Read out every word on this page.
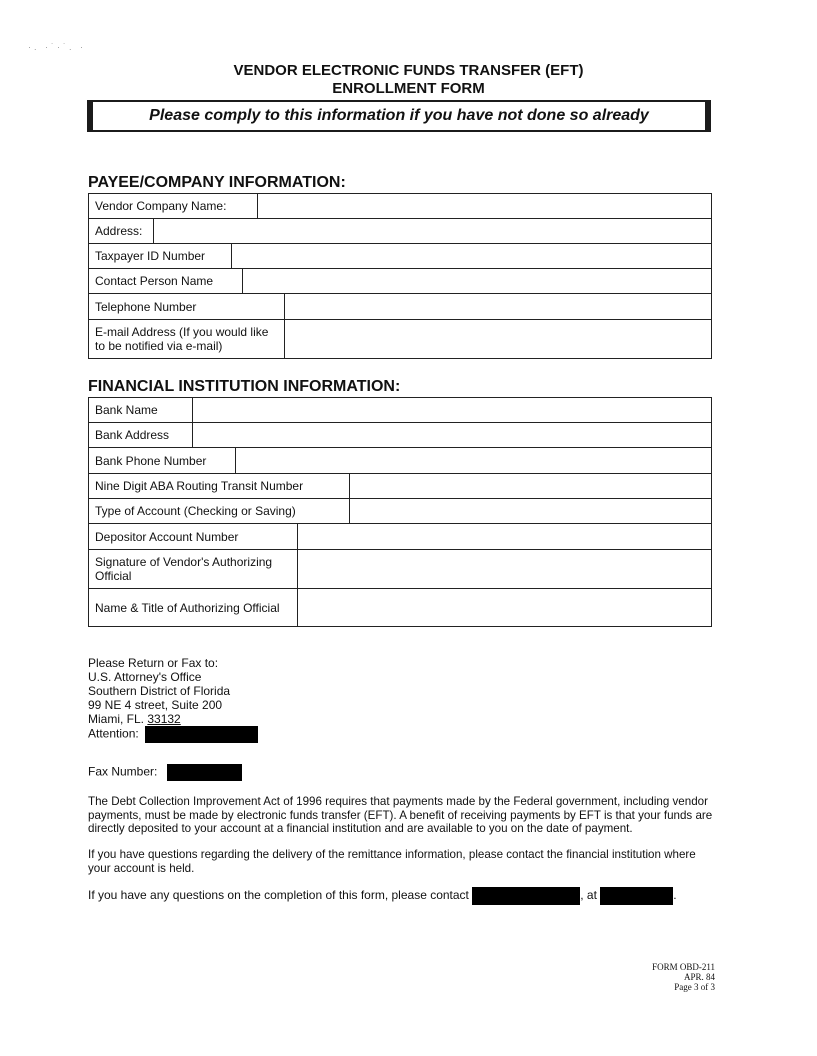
·. ·˙·˙. ·
VENDOR ELECTRONIC FUNDS TRANSFER (EFT)
ENROLLMENT FORM
Please comply to this information if you have not done so already
PAYEE/COMPANY INFORMATION:
Vendor Company Name:
Address:
Taxpayer ID Number
Contact Person Name
Telephone Number
E-mail Address (If you would like to be notified via e-mail)
FINANCIAL INSTITUTION INFORMATION:
Bank Name
Bank Address
Bank Phone Number
Nine Digit ABA Routing Transit Number
Type of Account (Checking or Saving)
Depositor Account Number
Signature of Vendor's Authorizing Official
Name & Title of Authorizing Official
Please Return or Fax to:
U.S. Attorney's Office
Southern District of Florida
99 NE 4 street, Suite 200
Miami, FL. 33132
Attention:
Fax Number:
The Debt Collection Improvement Act of 1996 requires that payments made by the Federal government, including vendor payments, must be made by electronic funds transfer (EFT). A benefit of receiving payments by EFT is that your funds are directly deposited to your account at a financial institution and are available to you on the date of payment.
If you have questions regarding the delivery of the remittance information, please contact the financial institution where your account is held.
If you have any questions on the completion of this form, please contact	, at	.
FORM OBD-211
APR. 84
Page 3 of 3
